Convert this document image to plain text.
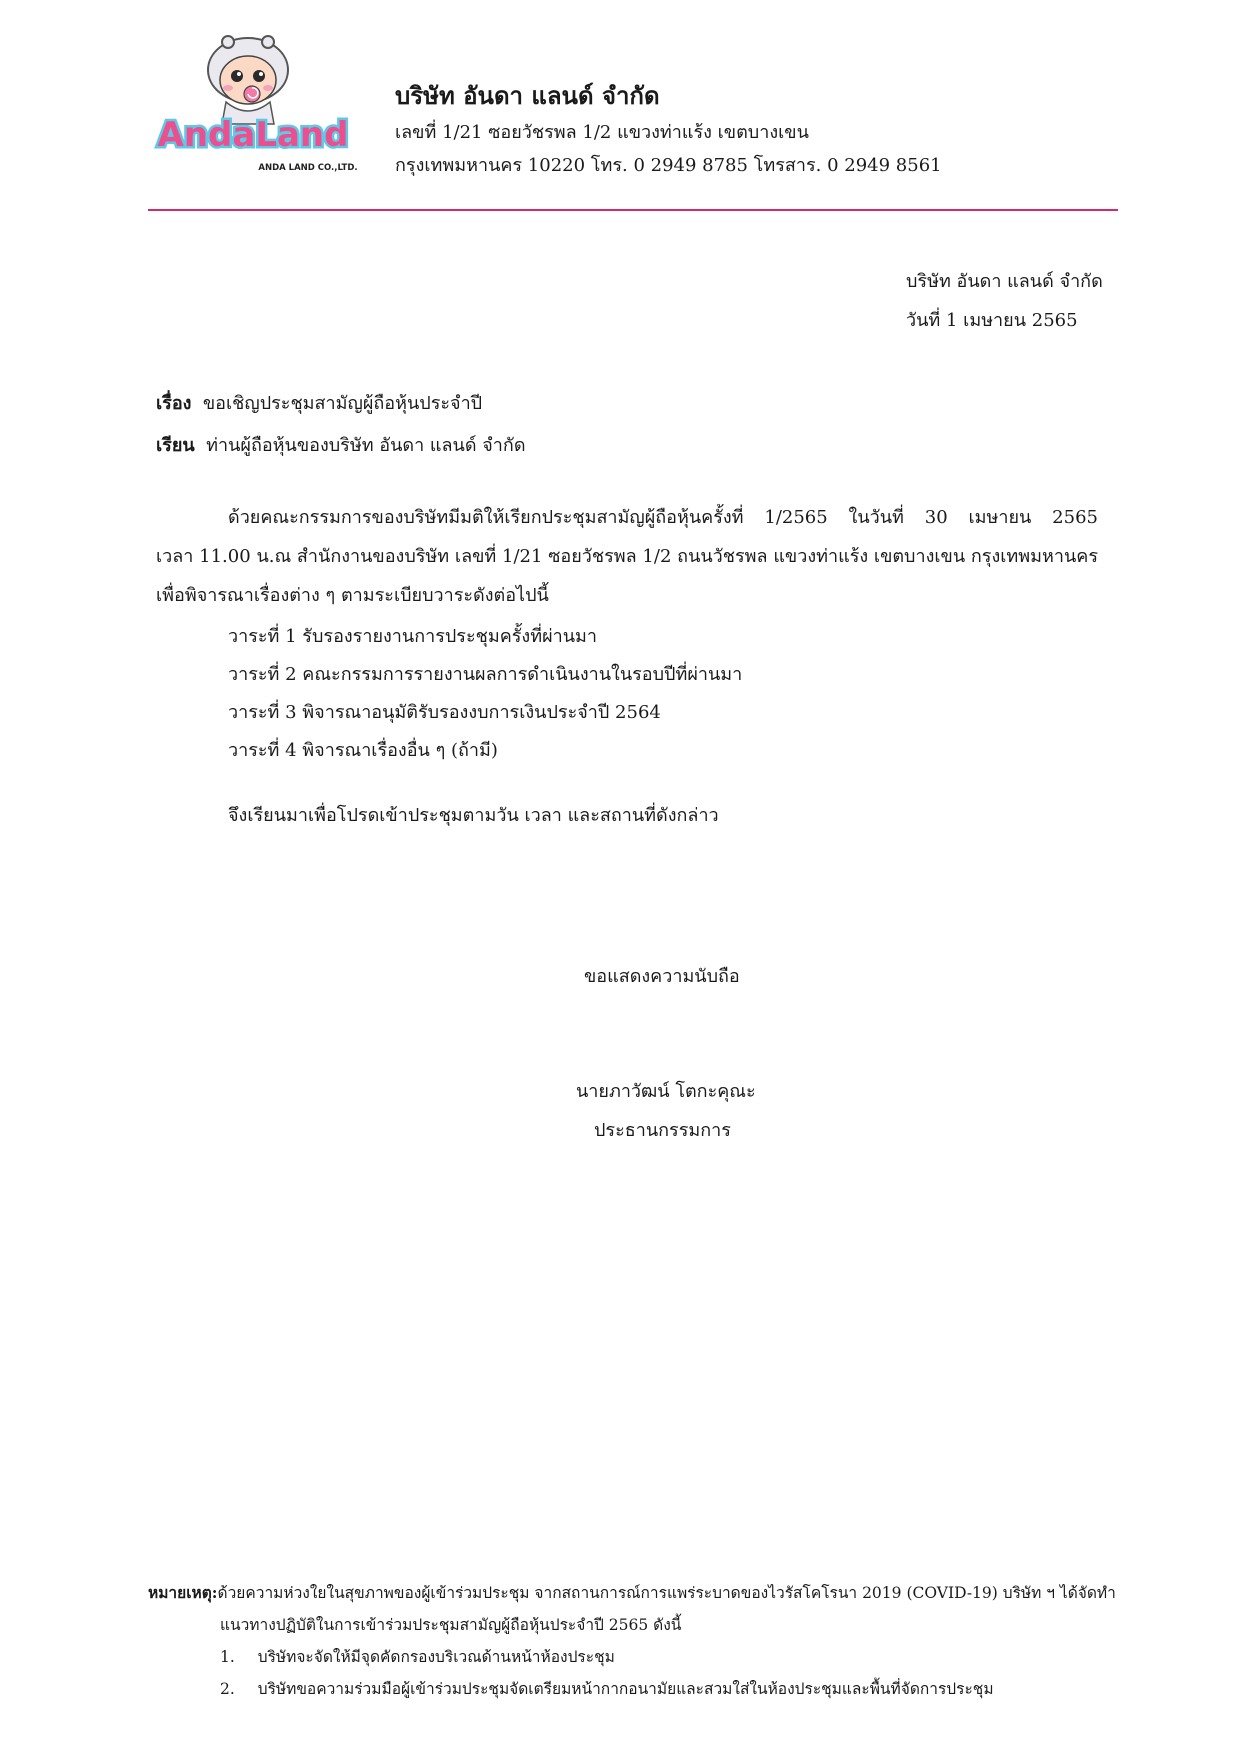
AndaLand
ANDA LAND CO.,LTD.
บริษัท อันดา แลนด์ จำกัด
เลขที่ 1/21 ซอยวัชรพล 1/2 แขวงท่าแร้ง เขตบางเขน
กรุงเทพมหานคร 10220 โทร. 0 2949 8785 โทรสาร. 0 2949 8561
บริษัท อันดา แลนด์ จำกัด
วันที่ 1 เมษายน 2565
เรื่อง ขอเชิญประชุมสามัญผู้ถือหุ้นประจำปี
เรียน ท่านผู้ถือหุ้นของบริษัท อันดา แลนด์ จำกัด
ด้วยคณะกรรมการของบริษัทมีมติให้เรียกประชุมสามัญผู้ถือหุ้นครั้งที่ 1/2565 ในวันที่ 30 เมษายน 2565
เวลา 11.00 น.ณ สำนักงานของบริษัท เลขที่ 1/21 ซอยวัชรพล 1/2 ถนนวัชรพล แขวงท่าแร้ง เขตบางเขน กรุงเทพมหานคร
เพื่อพิจารณาเรื่องต่าง ๆ ตามระเบียบวาระดังต่อไปนี้
วาระที่ 1 รับรองรายงานการประชุมครั้งที่ผ่านมา
วาระที่ 2 คณะกรรมการรายงานผลการดำเนินงานในรอบปีที่ผ่านมา
วาระที่ 3 พิจารณาอนุมัติรับรองงบการเงินประจำปี 2564
วาระที่ 4 พิจารณาเรื่องอื่น ๆ (ถ้ามี)
จึงเรียนมาเพื่อโปรดเข้าประชุมตามวัน เวลา และสถานที่ดังกล่าว
ขอแสดงความนับถือ
นายภาวัฒน์ โตกะคุณะ
ประธานกรรมการ
หมายเหตุ:ด้วยความห่วงใยในสุขภาพของผู้เข้าร่วมประชุม จากสถานการณ์การแพร่ระบาดของไวรัสโคโรนา 2019 (COVID-19) บริษัท ฯ ได้จัดทำ
แนวทางปฏิบัติในการเข้าร่วมประชุมสามัญผู้ถือหุ้นประจำปี 2565 ดังนี้
1. บริษัทจะจัดให้มีจุดคัดกรองบริเวณด้านหน้าห้องประชุม
2. บริษัทขอความร่วมมือผู้เข้าร่วมประชุมจัดเตรียมหน้ากากอนามัยและสวมใส่ในห้องประชุมและพื้นที่จัดการประชุม
